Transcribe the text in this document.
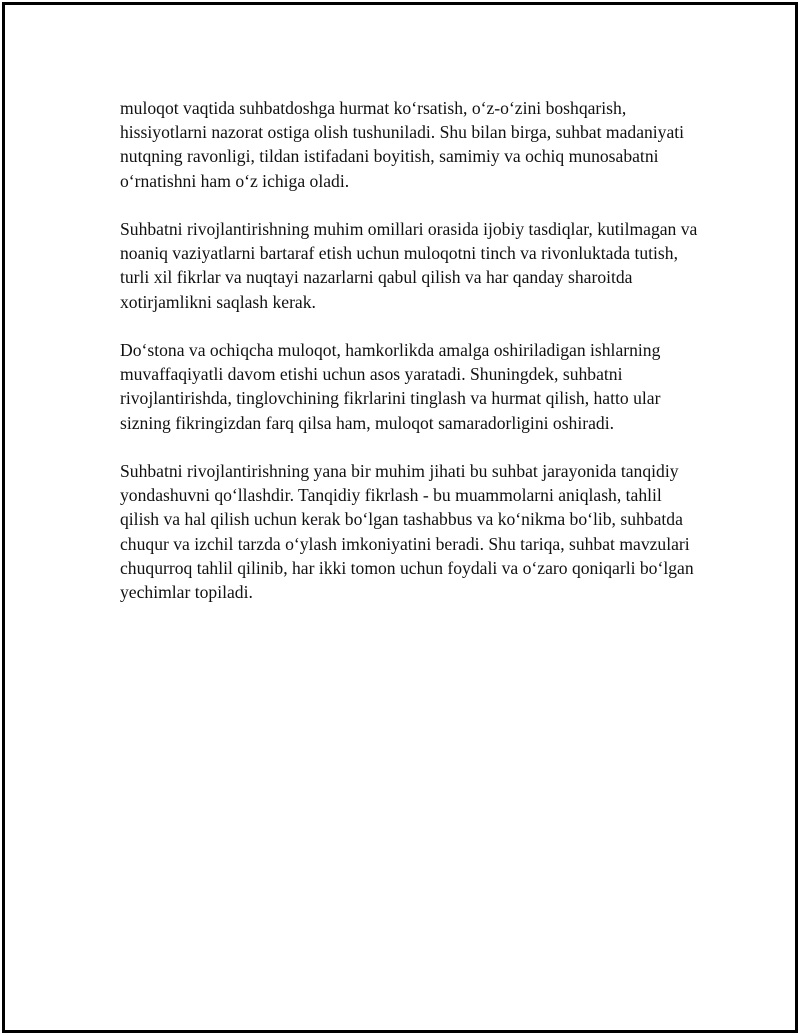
muloqot vaqtida suhbatdoshga hurmat ko‘rsatish, o‘z-o‘zini boshqarish, hissiyotlarni nazorat ostiga olish tushuniladi. Shu bilan birga, suhbat madaniyati nutqning ravonligi, tildan istifadani boyitish, samimiy va ochiq munosabatni o‘rnatishni ham o‘z ichiga oladi.

Suhbatni rivojlantirishning muhim omillari orasida ijobiy tasdiqlar, kutilmagan va noaniq vaziyatlarni bartaraf etish uchun muloqotni tinch va rivonluktada tutish, turli xil fikrlar va nuqtayi nazarlarni qabul qilish va har qanday sharoitda xotirjamlikni saqlash kerak.

Do‘stona va ochiqcha muloqot, hamkorlikda amalga oshiriladigan ishlarning muvaffaqiyatli davom etishi uchun asos yaratadi. Shuningdek, suhbatni rivojlantirishda, tinglovchining fikrlarini tinglash va hurmat qilish, hatto ular sizning fikringizdan farq qilsa ham, muloqot samaradorligini oshiradi.

Suhbatni rivojlantirishning yana bir muhim jihati bu suhbat jarayonida tanqidiy yondashuvni qo‘llashdir. Tanqidiy fikrlash - bu muammolarni aniqlash, tahlil qilish va hal qilish uchun kerak bo‘lgan tashabbus va ko‘nikma bo‘lib, suhbatda chuqur va izchil tarzda o‘ylash imkoniyatini beradi. Shu tariqa, suhbat mavzulari chuqurroq tahlil qilinib, har ikki tomon uchun foydali va o‘zaro qoniqarli bo‘lgan yechimlar topiladi.
